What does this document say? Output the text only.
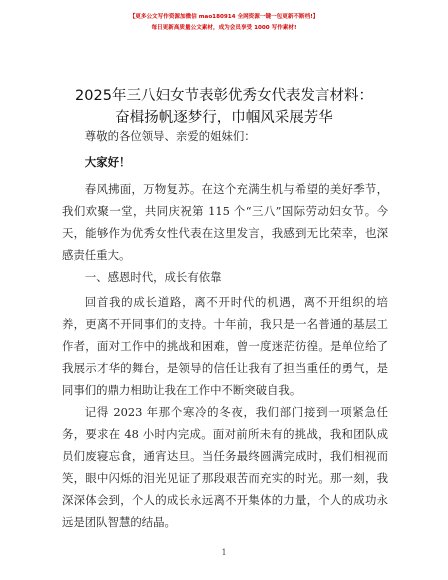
【更多公文写作资源加微信 mao180914 全网资源一键一包更新不断档!】
每日更新高质量公文素材，成为会员享受 1000 写作素材!
2025年三八妇女节表彰优秀女代表发言材料：
奋楫扬帆逐梦行，巾帼风采展芳华

尊敬的各位领导、亲爱的姐妹们：

大家好！

春风拂面，万物复苏。在这个充满生机与希望的美好季节，我们欢聚一堂，共同庆祝第 115 个“三八”国际劳动妇女节。今天，能够作为优秀女性代表在这里发言，我感到无比荣幸，也深感责任重大。

一、感恩时代，成长有依靠

回首我的成长道路，离不开时代的机遇，离不开组织的培养，更离不开同事们的支持。十年前，我只是一名普通的基层工作者，面对工作中的挑战和困难，曾一度迷茫彷徨。是单位给了我展示才华的舞台，是领导的信任让我有了担当重任的勇气，是同事们的鼎力相助让我在工作中不断突破自我。

记得 2023 年那个寒冷的冬夜，我们部门接到一项紧急任务，要求在 48 小时内完成。面对前所未有的挑战，我和团队成员们废寝忘食，通宵达旦。当任务最终圆满完成时，我们相视而笑，眼中闪烁的泪光见证了那段艰苦而充实的时光。那一刻，我深深体会到，个人的成长永远离不开集体的力量，个人的成功永远是团队智慧的结晶。

1
